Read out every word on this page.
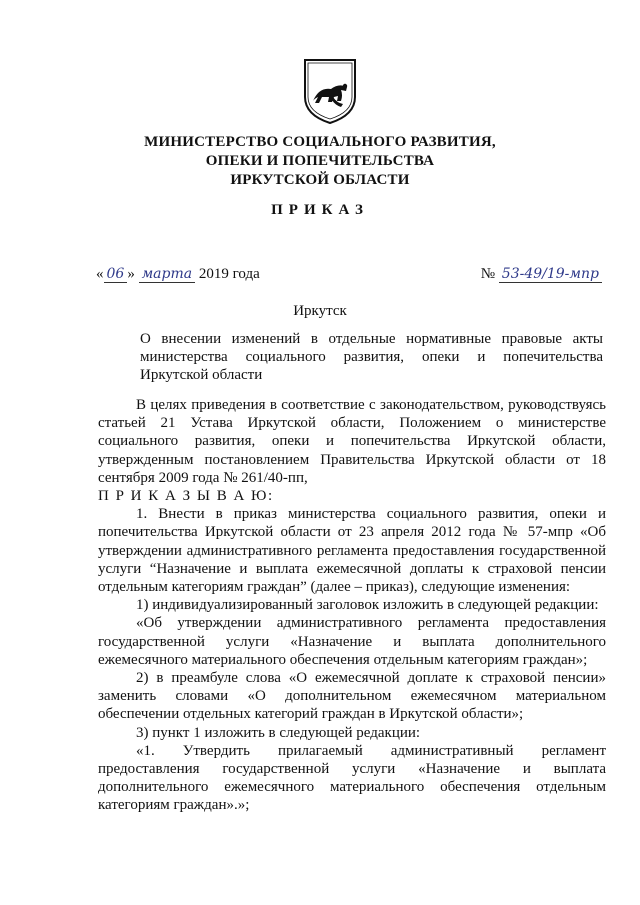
МИНИСТЕРСТВО СОЦИАЛЬНОГО РАЗВИТИЯ,
ОПЕКИ И ПОПЕЧИТЕЛЬСТВА
ИРКУТСКОЙ ОБЛАСТИ
ПРИКАЗ
« 06 » марта 2019 года	№ 53-49/19-мпр
Иркутск
О внесении изменений в отдельные нормативные правовые акты министерства социального развития, опеки и попечительства Иркутской области

В целях приведения в соответствие с законодательством, руководствуясь статьей 21 Устава Иркутской области, Положением о министерстве социального развития, опеки и попечительства Иркутской области, утвержденным постановлением Правительства Иркутской области от 18 сентября 2009 года № 261/40-пп,

П Р И К А З Ы В А Ю:

1. Внести в приказ министерства социального развития, опеки и попечительства Иркутской области от 23 апреля 2012 года № 57-мпр «Об утверждении административного регламента предоставления государственной услуги “Назначение и выплата ежемесячной доплаты к страховой пенсии отдельным категориям граждан” (далее – приказ), следующие изменения:

1) индивидуализированный заголовок изложить в следующей редакции:

«Об утверждении административного регламента предоставления государственной услуги «Назначение и выплата дополнительного ежемесячного материального обеспечения отдельным категориям граждан»;

2) в преамбуле слова «О ежемесячной доплате к страховой пенсии» заменить словами «О дополнительном ежемесячном материальном обеспечении отдельных категорий граждан в Иркутской области»;

3) пункт 1 изложить в следующей редакции:

«1. Утвердить прилагаемый административный регламент предоставления государственной услуги «Назначение и выплата дополнительного ежемесячного материального обеспечения отдельным категориям граждан».»;
